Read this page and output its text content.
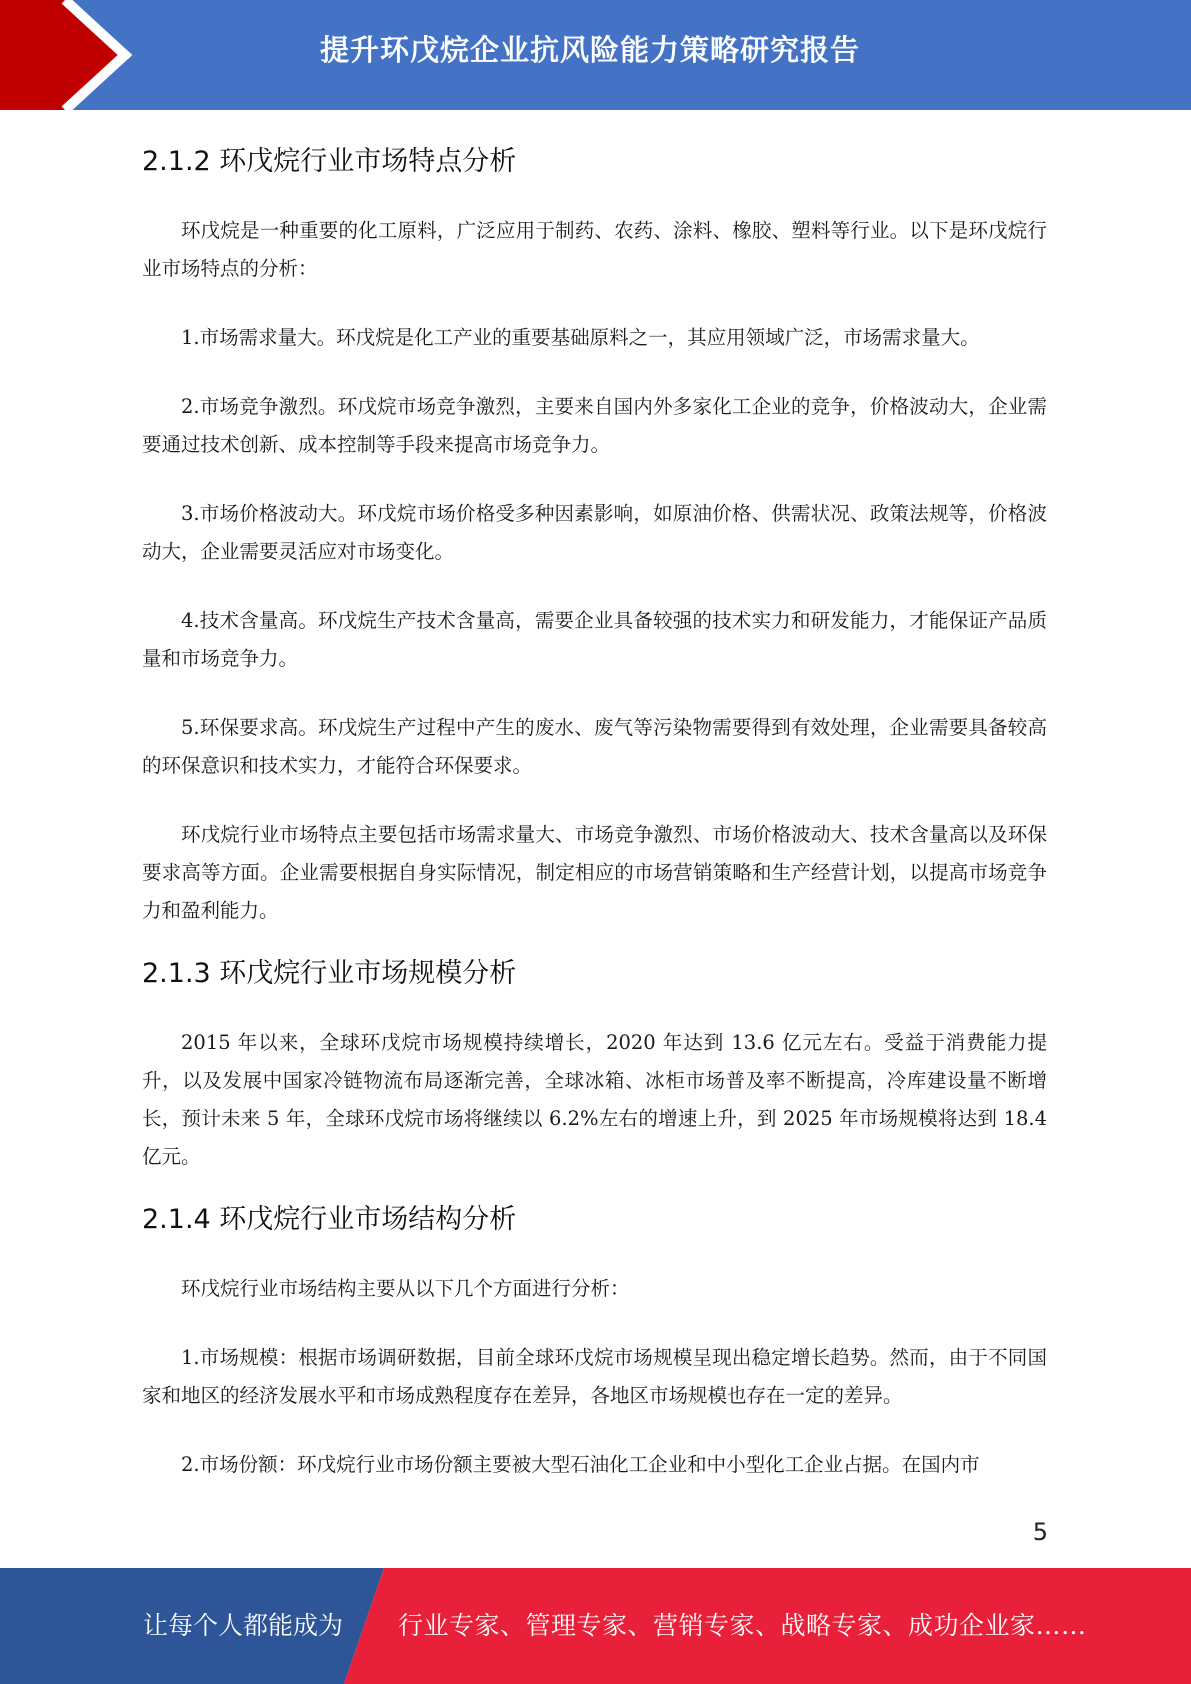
提升环戊烷企业抗风险能力策略研究报告
2.1.2 环戊烷行业市场特点分析

环戊烷是一种重要的化工原料，广泛应用于制药、农药、涂料、橡胶、塑料等行业。以下是环戊烷行业市场特点的分析：

1.市场需求量大。环戊烷是化工产业的重要基础原料之一，其应用领域广泛，市场需求量大。

2.市场竞争激烈。环戊烷市场竞争激烈，主要来自国内外多家化工企业的竞争，价格波动大，企业需要通过技术创新、成本控制等手段来提高市场竞争力。

3.市场价格波动大。环戊烷市场价格受多种因素影响，如原油价格、供需状况、政策法规等，价格波动大，企业需要灵活应对市场变化。

4.技术含量高。环戊烷生产技术含量高，需要企业具备较强的技术实力和研发能力，才能保证产品质量和市场竞争力。

5.环保要求高。环戊烷生产过程中产生的废水、废气等污染物需要得到有效处理，企业需要具备较高的环保意识和技术实力，才能符合环保要求。

环戊烷行业市场特点主要包括市场需求量大、市场竞争激烈、市场价格波动大、技术含量高以及环保要求高等方面。企业需要根据自身实际情况，制定相应的市场营销策略和生产经营计划，以提高市场竞争力和盈利能力。

2.1.3 环戊烷行业市场规模分析

2015 年以来，全球环戊烷市场规模持续增长，2020 年达到 13.6 亿元左右。受益于消费能力提升，以及发展中国家冷链物流布局逐渐完善，全球冰箱、冰柜市场普及率不断提高，冷库建设量不断增长，预计未来 5 年，全球环戊烷市场将继续以 6.2%左右的增速上升，到 2025 年市场规模将达到 18.4 亿元。

2.1.4 环戊烷行业市场结构分析

环戊烷行业市场结构主要从以下几个方面进行分析：

1.市场规模：根据市场调研数据，目前全球环戊烷市场规模呈现出稳定增长趋势。然而，由于不同国家和地区的经济发展水平和市场成熟程度存在差异，各地区市场规模也存在一定的差异。

2.市场份额：环戊烷行业市场份额主要被大型石油化工企业和中小型化工企业占据。在国内市

5
让每个人都能成为 行业专家、管理专家、营销专家、战略专家、成功企业家……
